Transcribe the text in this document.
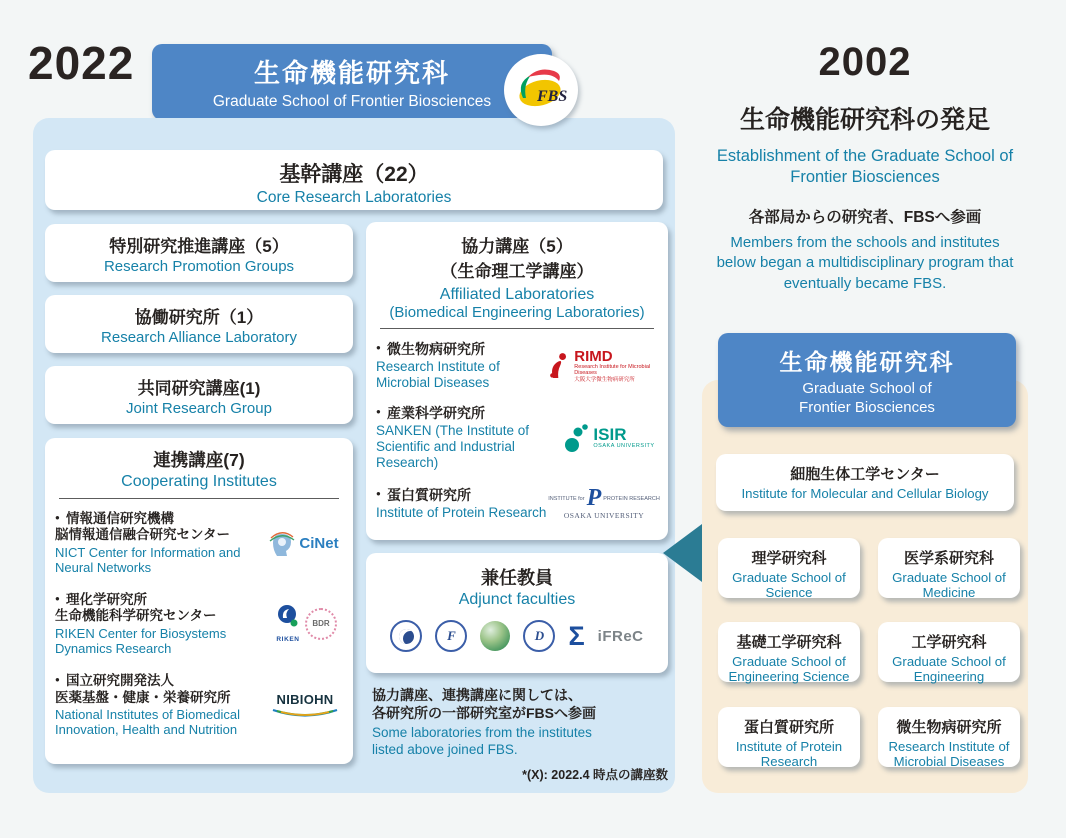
2022	生命機能研究科
Graduate School of Frontier Biosciences	FBS
基幹講座（22）
Core Research Laboratories
特別研究推進講座（5）
Research Promotion Groups
協働研究所（1）
Research Alliance Laboratory
共同研究講座(1)
Joint Research Group
連携講座(7)
Cooperating Institutes
● 情報通信研究機構
脳情報通信融合研究センター
NICT Center for Information and Neural Networks
CiNet
● 理化学研究所
生命機能科学研究センター
RIKEN Center for Biosystems Dynamics Research
RIKEN
BDR
● 国立研究開発法人
医薬基盤・健康・栄養研究所
National Institutes of Biomedical Innovation, Health and Nutrition
NIBIOHN
協力講座（5）
（生命理工学講座）
Affiliated Laboratories
(Biomedical Engineering Laboratories)
● 微生物病研究所
Research Institute of Microbial Diseases
RIMD
Research Institute for Microbial Diseases
大阪大学微生物病研究所
● 産業科学研究所
SANKEN (The Institute of Scientific and Industrial Research)
ISIR
OSAKA UNIVERSITY
● 蛋白質研究所
Institute of Protein Research
INSTITUTE for P PROTEIN RESEARCH
OSAKA UNIVERSITY
兼任教員
Adjunct faculties
F	D Σ iFReC
協力講座、連携講座に関しては、
各研究所の一部研究室がFBSへ参画
Some laboratories from the institutes
listed above joined FBS.
*(X): 2022.4 時点の講座数
2002
生命機能研究科の発足
Establishment of the Graduate School of
Frontier Biosciences
各部局からの研究者、FBSへ参画
Members from the schools and institutes
below began a multidisciplinary program that
eventually became FBS.
生命機能研究科
Graduate School of
Frontier Biosciences
細胞生体工学センター
Institute for Molecular and Cellular Biology
理学研究科
Graduate School of Science
医学系研究科
Graduate School of Medicine
基礎工学研究科
Graduate School of Engineering Science
工学研究科
Graduate School of Engineering
蛋白質研究所
Institute of Protein Research
微生物病研究所
Research Institute of Microbial Diseases
